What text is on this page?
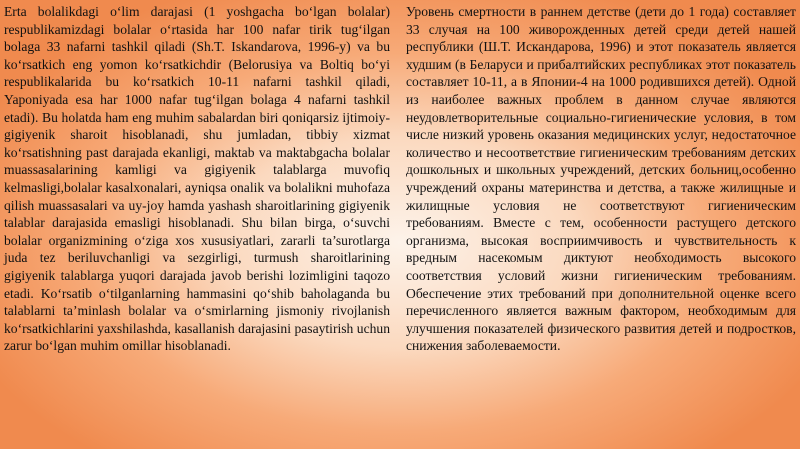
Erta bolalikdagi o‘lim darajasi (1 yoshgacha bo‘lgan bolalar) respublikamizdagi bolalar o‘rtasida har 100 nafar tirik tug‘ilgan bolaga 33 nafarni tashkil qiladi (Sh.T. Iskandarova, 1996-y) va bu ko‘rsatkich eng yomon ko‘rsatkichdir (Belorusiya va Boltiq bo‘yi respublikalarida bu ko‘rsatkich 10-11 nafarni tashkil qiladi, Yaponiyada esa har 1000 nafar tug‘ilgan bolaga 4 nafarni tashkil etadi). Bu holatda ham eng muhim sabalardan biri qoniqarsiz ijtimoiy-gigiyenik sharoit hisoblanadi, shu jumladan, tibbiy xizmat ko‘rsatishning past darajada ekanligi, maktab va maktabgacha bolalar muassasalarining kamligi va gigiyenik talablarga muvofiq kelmasligi,bolalar kasalxonalari, ayniqsa onalik va bolalikni muhofaza qilish muassasalari va uy-joy hamda yashash sharoitlarining gigiyenik talablar darajasida emasligi hisoblanadi. Shu bilan birga, o‘suvchi bolalar organizmining o‘ziga xos xususiyatlari, zararli ta’surotlarga juda tez beriluvchanligi va sezgirligi, turmush sharoitlarining gigiyenik talablarga yuqori darajada javob berishi lozimligini taqozo etadi. Ko‘rsatib o‘tilganlarning hammasini qo‘shib baholaganda bu talablarni ta’minlash bolalar va o‘smirlarning jismoniy rivojlanish ko‘rsatkichlarini yaxshilashda, kasallanish darajasini pasaytirish uchun zarur bo‘lgan muhim omillar hisoblanadi.

Уровень смертности в раннем детстве (дети до 1 года) составляет 33 случая на 100 живорожденных детей среди детей нашей республики (Ш.Т. Искандарова, 1996) и этот показатель является худшим (в Беларуси и прибалтийских республиках этот показатель составляет 10-11, а в Японии-4 на 1000 родившихся детей). Одной из наиболее важных проблем в данном случае являются неудовлетворительные социально-гигиенические условия, в том числе низкий уровень оказания медицинских услуг, недостаточное количество и несоответствие гигиеническим требованиям детских дошкольных и школьных учреждений, детских больниц,особенно учреждений охраны материнства и детства, а также жилищные и жилищные условия не соответствуют гигиеническим требованиям. Вместе с тем, особенности растущего детского организма, высокая восприимчивость и чувствительность к вредным насекомым диктуют необходимость высокого соответствия условий жизни гигиеническим требованиям. Обеспечение этих требований при дополнительной оценке всего перечисленного является важным фактором, необходимым для улучшения показателей физического развития детей и подростков, снижения заболеваемости.
